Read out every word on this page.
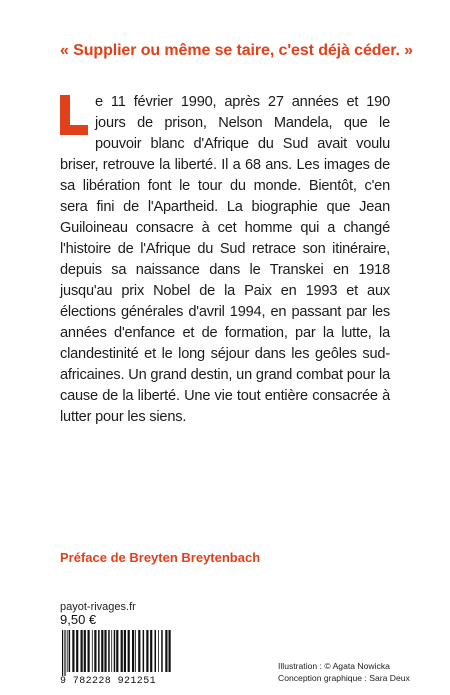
« Supplier ou même se taire, c'est déjà céder. »
e 11 février 1990, après 27 années et 190 jours de prison, Nelson Mandela, que le pouvoir blanc d'Afrique du Sud avait voulu briser, retrouve la liberté. Il a 68 ans. Les images de sa libération font le tour du monde. Bientôt, c'en sera fini de l'Apartheid. La biographie que Jean Guiloineau consacre à cet homme qui a changé l'histoire de l'Afrique du Sud retrace son itinéraire, depuis sa naissance dans le Transkei en 1918 jusqu'au prix Nobel de la Paix en 1993 et aux élections générales d'avril 1994, en passant par les années d'enfance et de formation, par la lutte, la clandestinité et le long séjour dans les geôles sud-africaines. Un grand destin, un grand combat pour la cause de la liberté. Une vie tout entière consacrée à lutter pour les siens.
Préface de Breyten Breytenbach
payot-rivages.fr
9,50 €
9 782228 921251
Illustration : © Agata Nowicka
Conception graphique : Sara Deux
